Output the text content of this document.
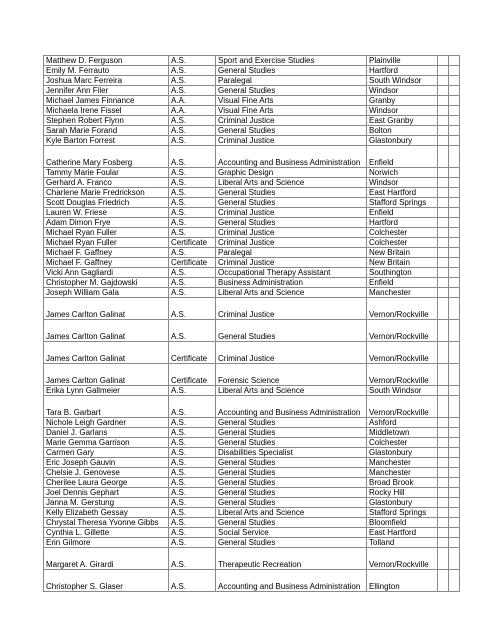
Matthew D. Ferguson	A.S.	Sport and Exercise Studies	Plainville		
Emily M. Ferrauto	A.S.	General Studies	Hartford		
Joshua Marc Ferreira	A.S.	Paralegal	South Windsor		
Jennifer Ann Filer	A.S.	General Studies	Windsor		
Michael James Finnance	A.A.	Visual Fine Arts	Granby		
Michaela Irene Fissel	A.A.	Visual Fine Arts	Windsor		
Stephen Robert Flynn	A.S.	Criminal Justice	East Granby		
Sarah Marie Forand	A.S.	General Studies	Bolton		
Kyle Barton Forrest	A.S.	Criminal Justice	Glastonbury		
Catherine Mary Fosberg	A.S.	Accounting and Business Administration	Enfield		
Tammy Marie Foular	A.S.	Graphic Design	Norwich		
Gerhard A. Franco	A.S.	Liberal Arts and Science	Windsor		
Charlene Marie Fredrickson	A.S.	General Studies	East Hartford		
Scott Douglas Friedrich	A.S.	General Studies	Stafford Springs		
Lauren W. Friese	A.S.	Criminal Justice	Enfield		
Adam Dimon Frye	A.S.	General Studies	Hartford		
Michael Ryan Fuller	A.S.	Criminal Justice	Colchester		
Michael Ryan Fuller	Certificate	Criminal Justice	Colchester		
Michael F. Gaffney	A.S.	Paralegal	New Britain		
Michael F. Gaffney	Certificate	Criminal Justice	New Britain		
Vicki Ann Gagliardi	A.S.	Occupational Therapy Assistant	Southington		
Christopher M. Gajdowski	A.S.	Business Administration	Enfield		
Joseph William Gala	A.S.	Liberal Arts and Science	Manchester		
James Carlton Galinat	A.S.	Criminal Justice	Vernon/Rockville		
James Carlton Galinat	A.S.	General Studies	Vernon/Rockville		
James Carlton Galinat	Certificate	Criminal Justice	Vernon/Rockville		
James Carlton Galinat	Certificate	Forensic Science	Vernon/Rockville		
Erika Lynn Gallmeier	A.S.	Liberal Arts and Science	South Windsor		
Tara B. Garbart	A.S.	Accounting and Business Administration	Vernon/Rockville		
Nichole Leigh Gardner	A.S.	General Studies	Ashford		
Daniel J. Garlans	A.S.	General Studies	Middletown		
Marie Gemma Garrison	A.S.	General Studies	Colchester		
Carmen Gary	A.S.	Disabilities Specialist	Glastonbury		
Eric Joseph Gauvin	A.S.	General Studies	Manchester		
Chelsie J. Genovese	A.S.	General Studies	Manchester		
Cherilee Laura George	A.S.	General Studies	Broad Brook		
Joel Dennis Gephart	A.S.	General Studies	Rocky Hill		
Janna M. Gerstung	A.S.	General Studies	Glastonbury		
Kelly Elizabeth Gessay	A.S.	Liberal Arts and Science	Stafford Springs		
Chrystal Theresa Yvonne Gibbs	A.S.	General Studies	Bloomfield		
Cynthia L. Gillette	A.S.	Social Service	East Hartford		
Erin Gilmore	A.S.	General Studies	Tolland		
Margaret A. Girardi	A.S.	Therapeutic Recreation	Vernon/Rockville		
Christopher S. Glaser	A.S.	Accounting and Business Administration	Ellington		
